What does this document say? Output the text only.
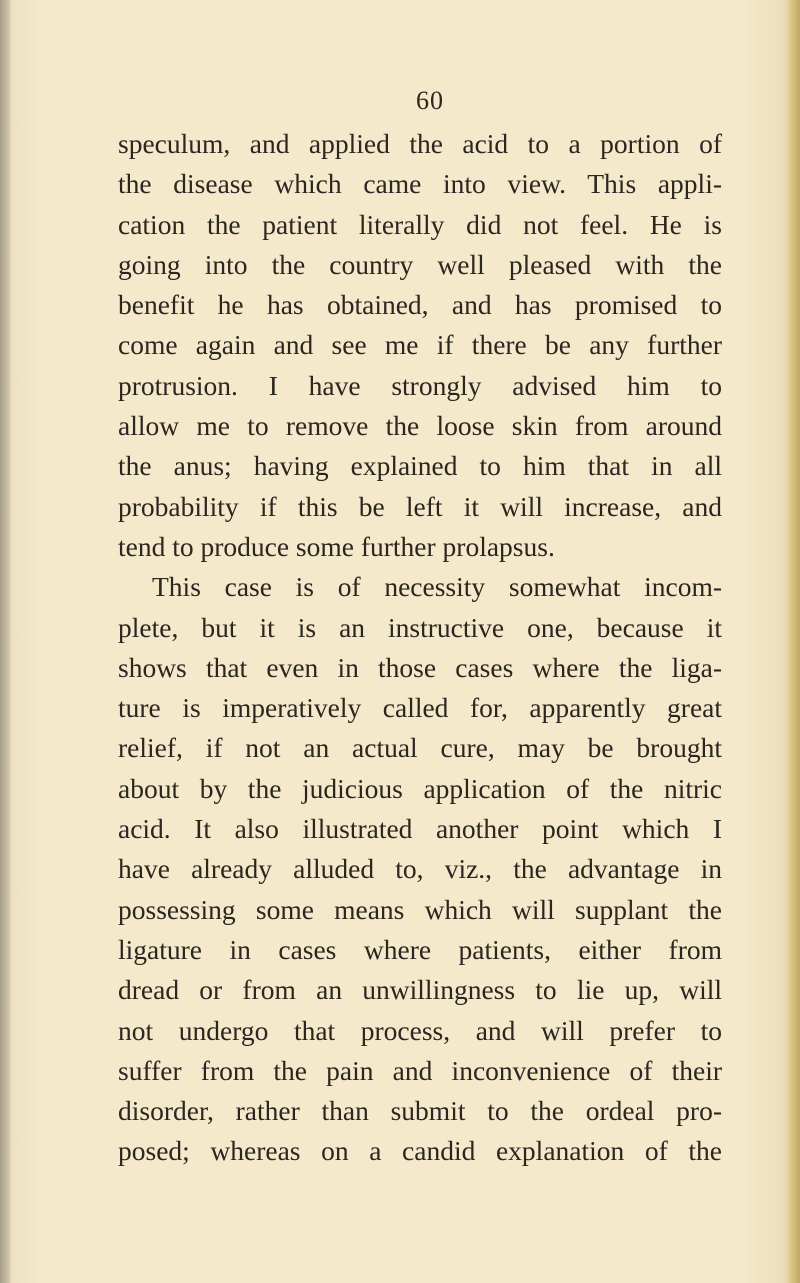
60
speculum, and applied the acid to a portion of
the disease which came into view. This appli-
cation the patient literally did not feel. He is
going into the country well pleased with the
benefit he has obtained, and has promised to
come again and see me if there be any further
protrusion. I have strongly advised him to
allow me to remove the loose skin from around
the anus; having explained to him that in all
probability if this be left it will increase, and
tend to produce some further prolapsus.
This case is of necessity somewhat incom-
plete, but it is an instructive one, because it
shows that even in those cases where the liga-
ture is imperatively called for, apparently great
relief, if not an actual cure, may be brought
about by the judicious application of the nitric
acid. It also illustrated another point which I
have already alluded to, viz., the advantage in
possessing some means which will supplant the
ligature in cases where patients, either from
dread or from an unwillingness to lie up, will
not undergo that process, and will prefer to
suffer from the pain and inconvenience of their
disorder, rather than submit to the ordeal pro-
posed; whereas on a candid explanation of the
